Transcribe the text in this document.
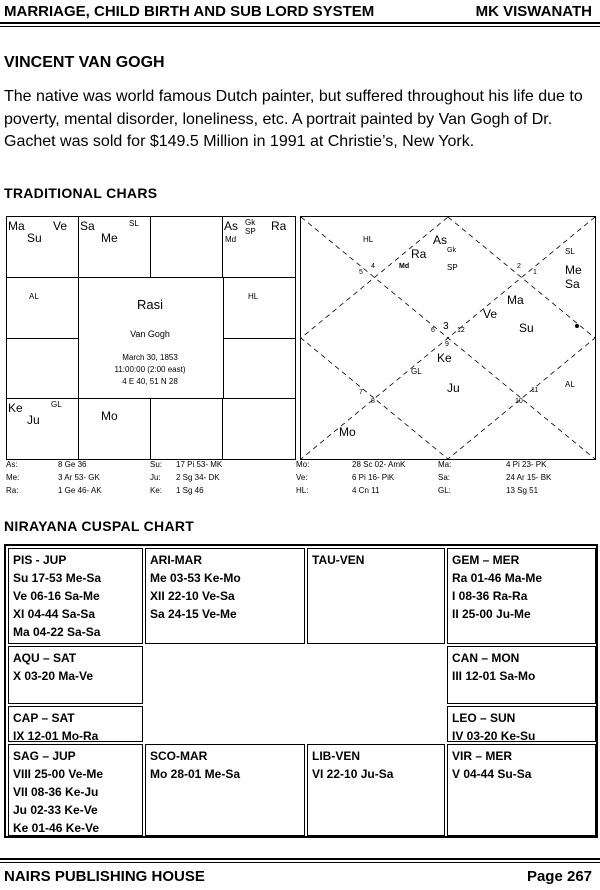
MARRIAGE, CHILD BIRTH AND SUB LORD SYSTEM	MK VISWANATH
VINCENT VAN GOGH
The native was world famous Dutch painter, but suffered throughout his life due to poverty, mental disorder, loneliness, etc. A portrait painted by Van Gogh of Dr. Gachet was sold for $149.5 Million in 1991 at Christie’s, New York.
TRADITIONAL CHARS
Ma
Su
Ve Sa
Me
SL	As Gk
SP
Md
Ra
AL	HL
Rasi
Van Gogh
March 30, 1853
11:00:00 (2:00 east)
4 E 40, 51 N 28
Ke	GL
Ju	Mo
HL	As
Gk
Ra
Md	SP
SL
Me
Sa
Ma
Ve
Su
Ke
GL
Ju	AL
Mo
5
4	2
1
6 3 12
9
7
8	10
11
As:	8 Ge 36	Su: 17 Pi 53- MK	Mo:	28 Sc 02- AmK	Ma:	4 Pi 23- PK
Me:	3 Ar 53- GK	Ju: 2 Sg 34- DK	Ve:	6 Pi 16- PiK	Sa:	24 Ar 15- BK
Ra:	1 Ge 46- AK	Ke: 1 Sg 46	HL:	4 Cn 11	GL:	13 Sg 51
NIRAYANA CUSPAL CHART
PIS - JUP
Su 17-53 Me-Sa
Ve 06-16 Sa-Me
XI 04-44 Sa-Sa
Ma 04-22 Sa-Sa
ARI-MAR
Me 03-53 Ke-Mo
XII 22-10 Ve-Sa
Sa 24-15 Ve-Me
TAU-VEN	GEM – MER
Ra 01-46 Ma-Me
I 08-36 Ra-Ra
II 25-00 Ju-Me
AQU – SAT
X 03-20 Ma-Ve
CAN – MON
III 12-01 Sa-Mo
CAP – SAT
IX 12-01 Mo-Ra
LEO – SUN
IV 03-20 Ke-Su
SAG – JUP
VIII 25-00 Ve-Me
VII 08-36 Ke-Ju
Ju 02-33 Ke-Ve
Ke 01-46 Ke-Ve
SCO-MAR
Mo 28-01 Me-Sa
LIB-VEN
VI 22-10 Ju-Sa
VIR – MER
V 04-44 Su-Sa
NAIRS PUBLISHING HOUSE	Page 267
